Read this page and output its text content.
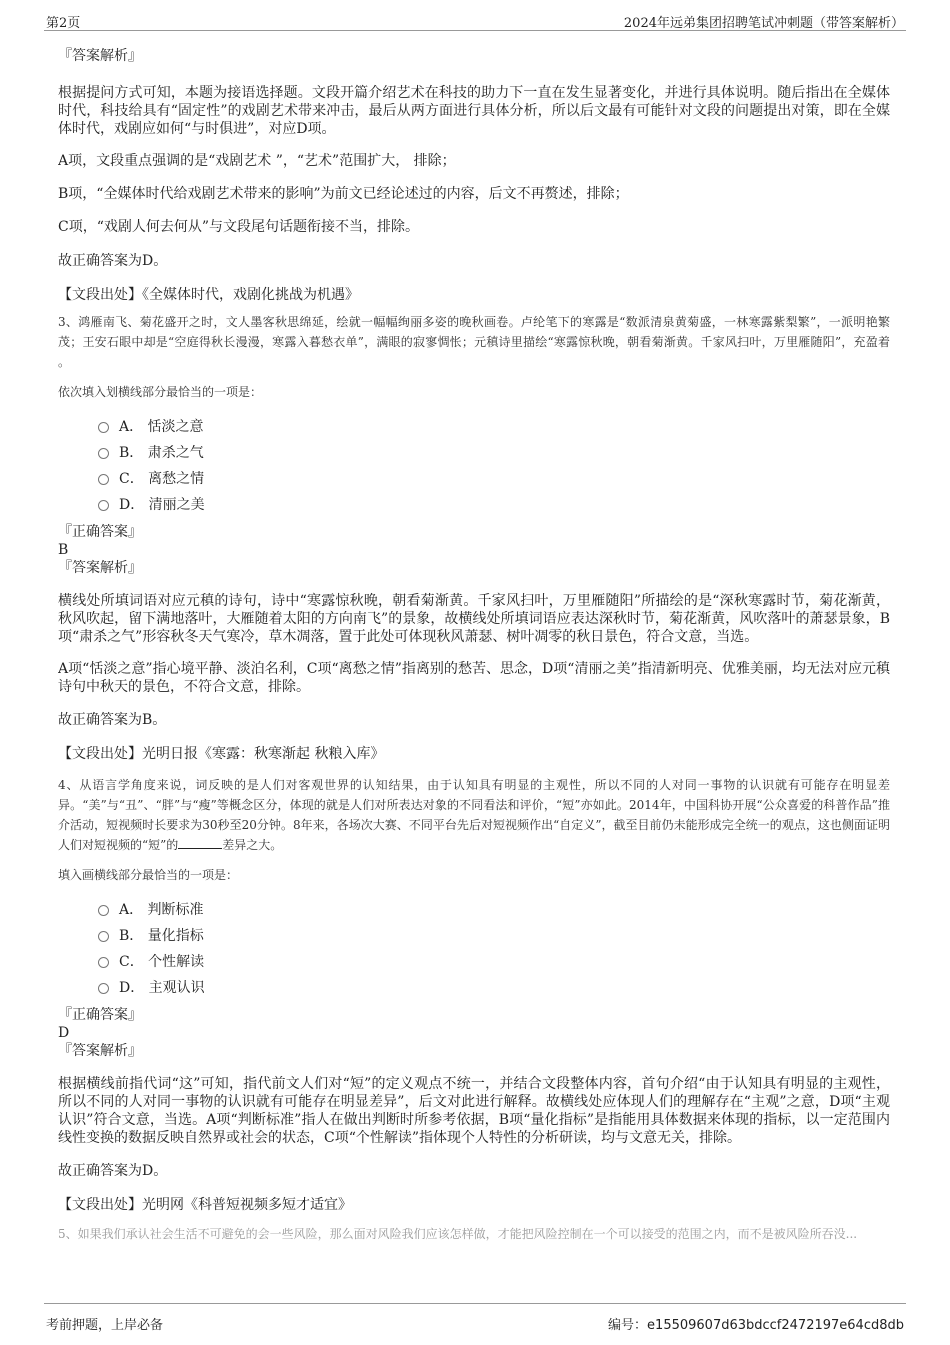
第2页	2024年远弟集团招聘笔试冲刺题（带答案解析）

『答案解析』

根据提问方式可知，本题为接语选择题。文段开篇介绍艺术在科技的助力下一直在发生显著变化，并进行具体说明。随后指出在全媒体时代，科技给具有“固定性”的戏剧艺术带来冲击，最后从两方面进行具体分析，所以后文最有可能针对文段的问题提出对策，即在全媒体时代，戏剧应如何“与时俱进”，对应D项。

A项，文段重点强调的是“戏剧艺术 ”，“艺术”范围扩大， 排除；

B项，“全媒体时代给戏剧艺术带来的影响”为前文已经论述过的内容，后文不再赘述，排除；

C项，“戏剧人何去何从”与文段尾句话题衔接不当，排除。

故正确答案为D。

【文段出处】《全媒体时代，戏剧化挑战为机遇》

3、鸿雁南飞、菊花盛开之时，文人墨客秋思绵延，绘就一幅幅绚丽多姿的晚秋画卷。卢纶笔下的寒露是“数派清泉黄菊盛，一林寒露紫梨繁”，一派明艳繁茂；王安石眼中却是“空庭得秋长漫漫，寒露入暮愁衣单”，满眼的寂寥惆怅；元稹诗里描绘“寒露惊秋晚，朝看菊渐黄。千家风扫叶，万里雁随阳”，充盈着 。

依次填入划横线部分最恰当的一项是：

A． 恬淡之意
B． 肃杀之气
C． 离愁之情
D． 清丽之美

『正确答案』

B

『答案解析』

横线处所填词语对应元稹的诗句，诗中“寒露惊秋晚，朝看菊渐黄。千家风扫叶，万里雁随阳”所描绘的是“深秋寒露时节，菊花渐黄，秋风吹起，留下满地落叶，大雁随着太阳的方向南飞”的景象，故横线处所填词语应表达深秋时节，菊花渐黄，风吹落叶的萧瑟景象，B项“肃杀之气”形容秋冬天气寒冷，草木凋落，置于此处可体现秋风萧瑟、树叶凋零的秋日景色，符合文意，当选。

A项“恬淡之意”指心境平静、淡泊名利，C项“离愁之情”指离别的愁苦、思念，D项“清丽之美”指清新明亮、优雅美丽，均无法对应元稹诗句中秋天的景色，不符合文意，排除。

故正确答案为B。

【文段出处】光明日报《寒露：秋寒渐起 秋粮入库》

4、从语言学角度来说，词反映的是人们对客观世界的认知结果，由于认知具有明显的主观性，所以不同的人对同一事物的认识就有可能存在明显差异。“美”与“丑”、“胖”与“瘦”等概念区分，体现的就是人们对所表达对象的不同看法和评价，“短”亦如此。2014年，中国科协开展“公众喜爱的科普作品”推介活动，短视频时长要求为30秒至20分钟。8年来，各场次大赛、不同平台先后对短视频作出“自定义”，截至目前仍未能形成完全统一的观点，这也侧面证明人们对短视频的“短”的	差异之大。

填入画横线部分最恰当的一项是：

A． 判断标准
B． 量化指标
C． 个性解读
D． 主观认识

『正确答案』

D

『答案解析』

根据横线前指代词“这”可知，指代前文人们对“短”的定义观点不统一，并结合文段整体内容，首句介绍“由于认知具有明显的主观性，所以不同的人对同一事物的认识就有可能存在明显差异”，后文对此进行解释。故横线处应体现人们的理解存在“主观”之意，D项“主观认识”符合文意，当选。A项“判断标准”指人在做出判断时所参考依据，B项“量化指标”是指能用具体数据来体现的指标，以一定范围内线性变换的数据反映自然界或社会的状态，C项“个性解读”指体现个人特性的分析研读，均与文意无关，排除。

故正确答案为D。

【文段出处】光明网《科普短视频多短才适宜》

5、如果我们承认社会生活不可避免的会一些风险，那么面对风险我们应该怎样做，才能把风险控制在一个可以接受的范围之内，而不是被风险所吞没...

考前押题，上岸必备	编号：e15509607d63bdccf2472197e64cd8db
